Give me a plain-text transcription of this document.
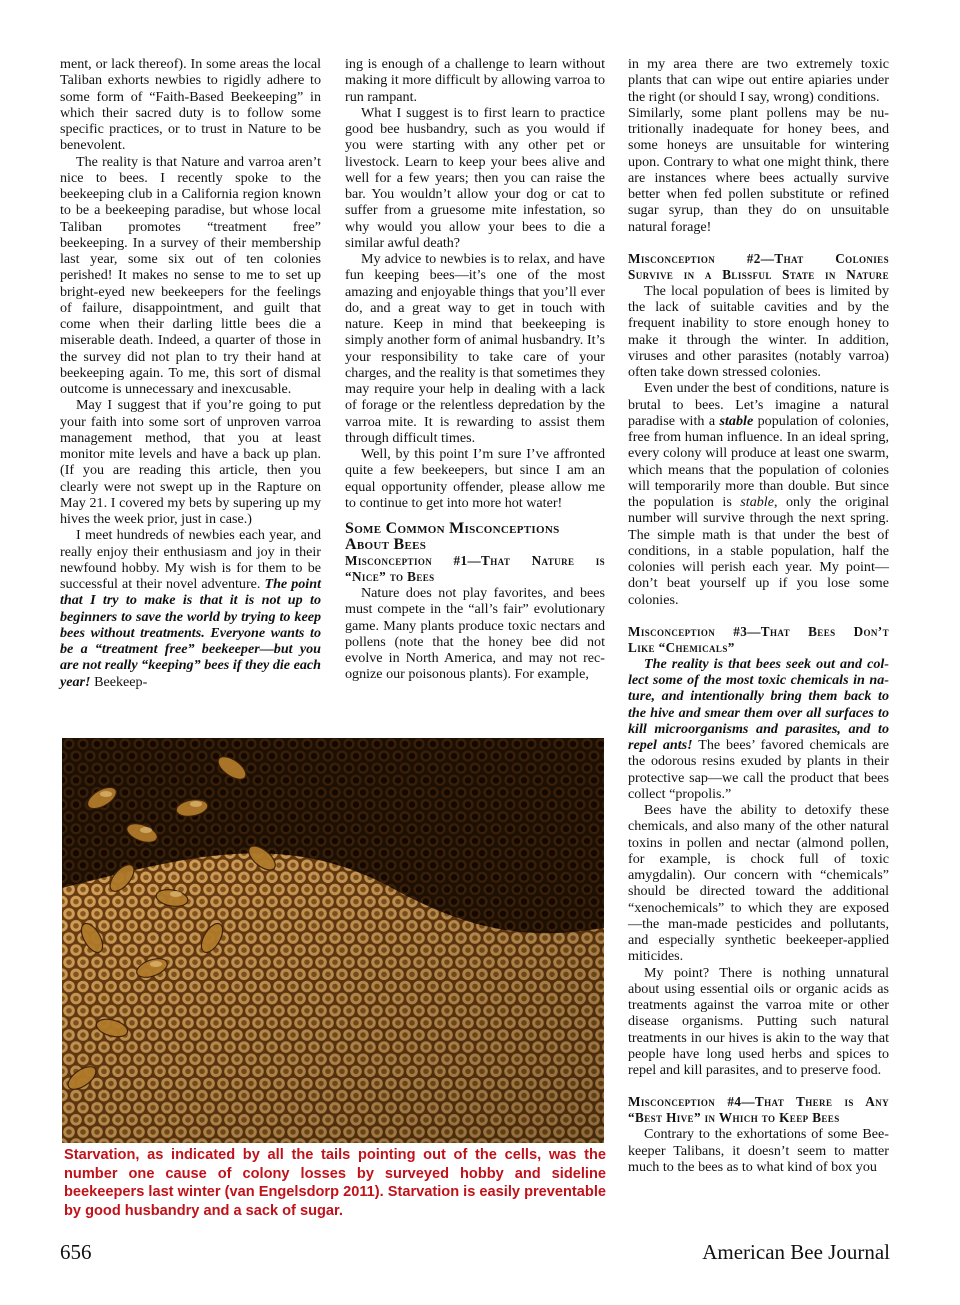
ment, or lack thereof). In some areas the local Taliban exhorts newbies to rigidly adhere to some form of “Faith-Based Beekeeping” in which their sacred duty is to follow some specific practices, or to trust in Nature to be benevolent.

The reality is that Nature and varroa aren’t nice to bees. I recently spoke to the beekeeping club in a California region known to be a beekeeping paradise, but whose local Taliban promotes “treatment free” beekeeping. In a survey of their membership last year, some six out of ten colonies perished! It makes no sense to me to set up bright-eyed new beekeepers for the feelings of failure, disappointment, and guilt that come when their darling little bees die a miserable death. Indeed, a quarter of those in the survey did not plan to try their hand at beekeeping again. To me, this sort of dismal outcome is unnecessary and inexcusable.

May I suggest that if you’re going to put your faith into some sort of unproven varroa management method, that you at least monitor mite levels and have a back up plan. (If you are reading this article, then you clearly were not swept up in the Rapture on May 21. I covered my bets by supering up my hives the week prior, just in case.)

I meet hundreds of newbies each year, and really enjoy their enthusiasm and joy in their newfound hobby. My wish is for them to be successful at their novel adventure. The point that I try to make is that it is not up to beginners to save the world by trying to keep bees without treatments. Everyone wants to be a “treatment free” beekeeper—but you are not really “keeping” bees if they die each year! Beekeep-

ing is enough of a challenge to learn without making it more difficult by allowing varroa to run rampant.

What I suggest is to first learn to practice good bee husbandry, such as you would if you were starting with any other pet or livestock. Learn to keep your bees alive and well for a few years; then you can raise the bar. You wouldn’t allow your dog or cat to suffer from a gruesome mite infestation, so why would you allow your bees to die a similar awful death?

My advice to newbies is to relax, and have fun keeping bees—it’s one of the most amazing and enjoyable things that you’ll ever do, and a great way to get in touch with nature. Keep in mind that beekeeping is simply another form of animal husbandry. It’s your responsibility to take care of your charges, and the reality is that sometimes they may require your help in dealing with a lack of forage or the relentless depredation by the varroa mite. It is rewarding to assist them through difficult times.

Well, by this point I’m sure I’ve affronted quite a few beekeepers, but since I am an equal opportunity offender, please allow me to continue to get into more hot water!

Some Common Misconceptions
About Bees
Misconception #1—That Nature is
“Nice” to Bees

Nature does not play favorites, and bees must compete in the “all’s fair” evolutionary game. Many plants produce toxic nectars and pollens (note that the honey bee did not evolve in North America, and may not recognize our poisonous plants). For example,

in my area there are two extremely toxic plants that can wipe out entire apiaries under the right (or should I say, wrong) conditions.

Similarly, some plant pollens may be nutritionally inadequate for honey bees, and some honeys are unsuitable for wintering upon. Contrary to what one might think, there are instances where bees actually survive better when fed pollen substitute or refined sugar syrup, than they do on unsuitable natural forage!

Misconception #2—That Colonies
Survive in a Blissful State in Nature

The local population of bees is limited by the lack of suitable cavities and by the frequent inability to store enough honey to make it through the winter. In addition, viruses and other parasites (notably varroa) often take down stressed colonies.

Even under the best of conditions, nature is brutal to bees. Let’s imagine a natural paradise with a stable population of colonies, free from human influence. In an ideal spring, every colony will produce at least one swarm, which means that the population of colonies will temporarily more than double. But since the population is stable, only the original number will survive through the next spring. The simple math is that under the best of conditions, in a stable population, half the colonies will perish each year. My point—don’t beat yourself up if you lose some colonies.

Misconception #3—That Bees Don’t
Like “Chemicals”

The reality is that bees seek out and collect some of the most toxic chemicals in nature, and intentionally bring them back to the hive and smear them over all surfaces to kill microorganisms and parasites, and to repel ants! The bees’ favored chemicals are the odorous resins exuded by plants in their protective sap—we call the product that bees collect “propolis.”

Bees have the ability to detoxify these chemicals, and also many of the other natural toxins in pollen and nectar (almond pollen, for example, is chock full of toxic amygdalin). Our concern with “chemicals” should be directed toward the additional “xenochemicals” to which they are exposed—the man-made pesticides and pollutants, and especially synthetic beekeeper-applied miticides.

My point? There is nothing unnatural about using essential oils or organic acids as treatments against the varroa mite or other disease organisms. Putting such natural treatments in our hives is akin to the way that people have long used herbs and spices to repel and kill parasites, and to preserve food.

Misconception #4—That There is Any
“Best Hive” in Which to Keep Bees

Contrary to the exhortations of some Beekeeper Talibans, it doesn’t seem to matter much to the bees as to what kind of box you

Starvation, as indicated by all the tails pointing out of the cells, was the number one cause of colony losses by surveyed hobby and sideline beekeepers last winter (van Engelsdorp 2011). Starvation is easily preventable by good husbandry and a sack of sugar.
656	American Bee Journal
